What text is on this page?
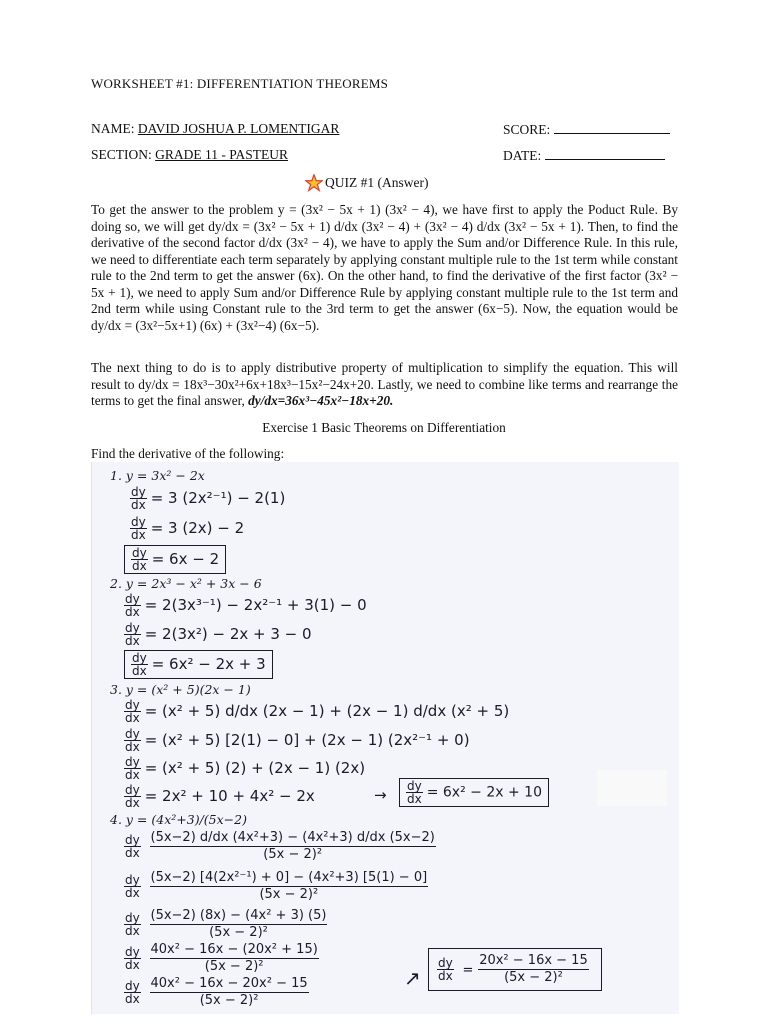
WORKSHEET #1: DIFFERENTIATION THEOREMS
NAME: DAVID JOSHUA P. LOMENTIGAR	SCORE:
SECTION: GRADE 11 - PASTEUR	DATE:
QUIZ #1 (Answer)
To get the answer to the problem y = (3x² − 5x + 1) (3x² − 4), we have first to apply the Poduct Rule. By doing so, we will get dy/dx = (3x² − 5x + 1) d/dx (3x² − 4) + (3x² − 4) d/dx (3x² − 5x + 1). Then, to find the derivative of the second factor d/dx (3x² − 4), we have to apply the Sum and/or Difference Rule. In this rule, we need to differentiate each term separately by applying constant multiple rule to the 1st term while constant rule to the 2nd term to get the answer (6x). On the other hand, to find the derivative of the first factor (3x² − 5x + 1), we need to apply Sum and/or Difference Rule by applying constant multiple rule to the 1st term and 2nd term while using Constant rule to the 3rd term to get the answer (6x−5). Now, the equation would be dy/dx = (3x²−5x+1) (6x) + (3x²−4) (6x−5).
The next thing to do is to apply distributive property of multiplication to simplify the equation. This will result to dy/dx = 18x³−30x²+6x+18x³−15x²−24x+20. Lastly, we need to combine like terms and rearrange the terms to get the final answer, dy/dx=36x³−45x²−18x+20.
Exercise 1 Basic Theorems on Differentiation
Find the derivative of the following:
1. y = 3x² − 2x
$\frac{dy}{dx} = 3$ (2x²⁻¹) − 2(1)
$\frac{dy}{dx} = 3$ (2x) − 2
$\frac{dy}{dx} = 6x - 2$
2. y = 2x³ − x² + 3x − 6
$\frac{dy}{dx} = 2(3x^{3-1}) - 2x^{2-1} + 3(1) - 0$
$\frac{dy}{dx} = 2(3x^2) - 2x + 3 - 0$
$\frac{dy}{dx} = 6x^2 - 2x + 3$
3. y = (x² + 5)(2x − 1)
$\frac{dy}{dx} = (x^2 + 5)$ d/dx (2x − 1) + (2x − 1) d/dx (x² + 5)
$\frac{dy}{dx} = (x^2 + 5) [2(1) - 0] + (2x - 1) (2x^{2-1} + 0)$
$\frac{dy}{dx} = (x^2 + 5) (2) + (2x - 1)$ (2x)
$\frac{dy}{dx} = 2x^2 + 10 + 4x^2 - 2x$	→ $\frac{dy}{dx} = 6x^2 - 2x + 10$
4. y = (4x²+3)/(5x−2)
$\frac{dy}{dx}$
$\frac{\text{(5x−2) d/dx (4x²+3) − (4x²+3) d/dx (5x−2)}}{\text{(5x − 2)²}}$
$\frac{dy}{dx}$
$\frac{\text{(5x−2) [4(2x²⁻¹) + 0] − (4x²+3) [5(1) − 0]}}{\text{(5x − 2)²}}$
$\frac{dy}{dx}$
$\frac{\text{(5x−2) (8x) − (4x² + 3) (5)}}{\text{(5x − 2)²}}$
$\frac{dy}{dx}$
$\frac{\text{40x² − 16x − (20x² + 15)}}{\text{(5x − 2)²}}$
$\frac{dy}{dx}$
$\frac{\text{40x² − 16x − 20x² − 15}}{\text{(5x − 2)²}}$	↗ $\frac{dy}{dx} = \frac{\text{20x² − 16x − 15}}{\text{(5x − 2)²}}$
